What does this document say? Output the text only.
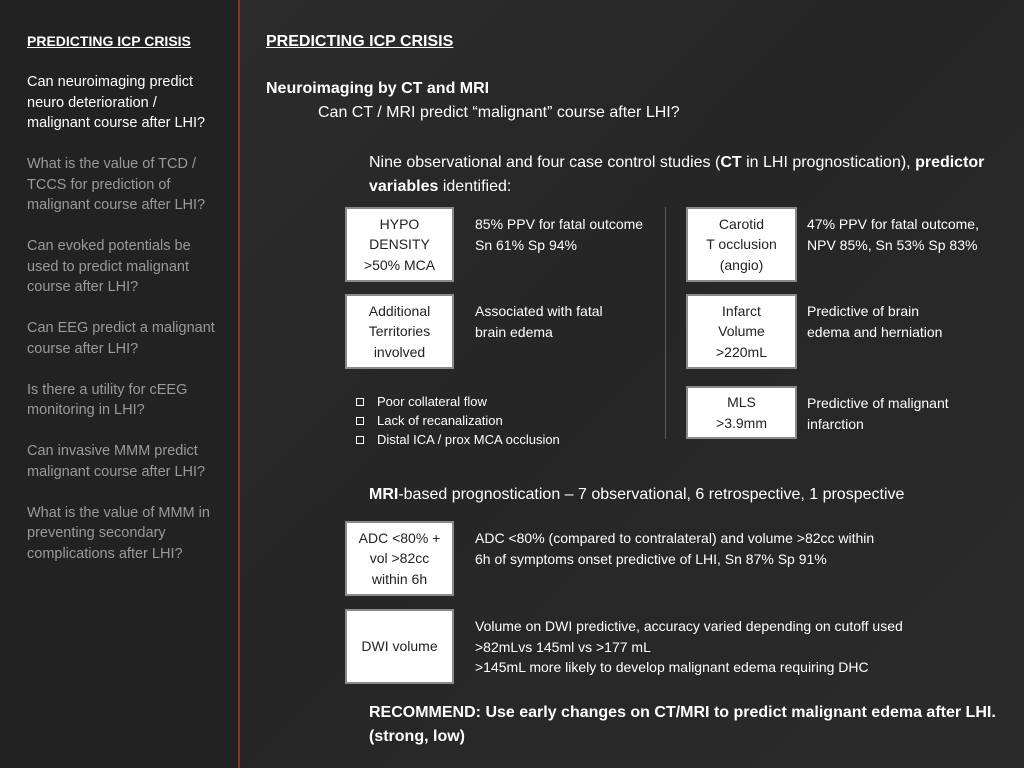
PREDICTING ICP CRISIS
Can neuroimaging predict neuro deterioration / malignant course after LHI?
What is the value of TCD / TCCS for prediction of malignant course after LHI?
Can evoked potentials be used to predict malignant course after LHI?
Can EEG predict a malignant course after LHI?
Is there a utility for cEEG monitoring in LHI?
Can invasive MMM predict malignant course after LHI?
What is the value of MMM in preventing secondary complications after LHI?
PREDICTING ICP CRISIS
Neuroimaging by CT and MRI
Can CT / MRI predict “malignant” course after LHI?
Nine observational and four case control studies (CT in LHI prognostication), predictor variables identified:
HYPO
DENSITY
>50% MCA
85% PPV for fatal outcome
Sn 61% Sp 94%
Additional
Territories
involved
Associated with fatal
brain edema
Poor collateral flow
Lack of recanalization
Distal ICA / prox MCA occlusion
Carotid
T occlusion
(angio)
47% PPV for fatal outcome,
NPV 85%, Sn 53% Sp 83%
Infarct
Volume
>220mL
Predictive of brain
edema and herniation
MLS
>3.9mm
Predictive of malignant
infarction
MRI-based prognostication – 7 observational, 6 retrospective, 1 prospective
ADC <80% +
vol >82cc
within 6h
ADC <80% (compared to contralateral) and volume >82cc within
6h of symptoms onset predictive of LHI, Sn 87% Sp 91%
DWI volume
Volume on DWI predictive, accuracy varied depending on cutoff used
>82mLvs 145ml vs >177 mL
>145mL more likely to develop malignant edema requiring DHC
RECOMMEND: Use early changes on CT/MRI to predict malignant edema after LHI. (strong, low)
